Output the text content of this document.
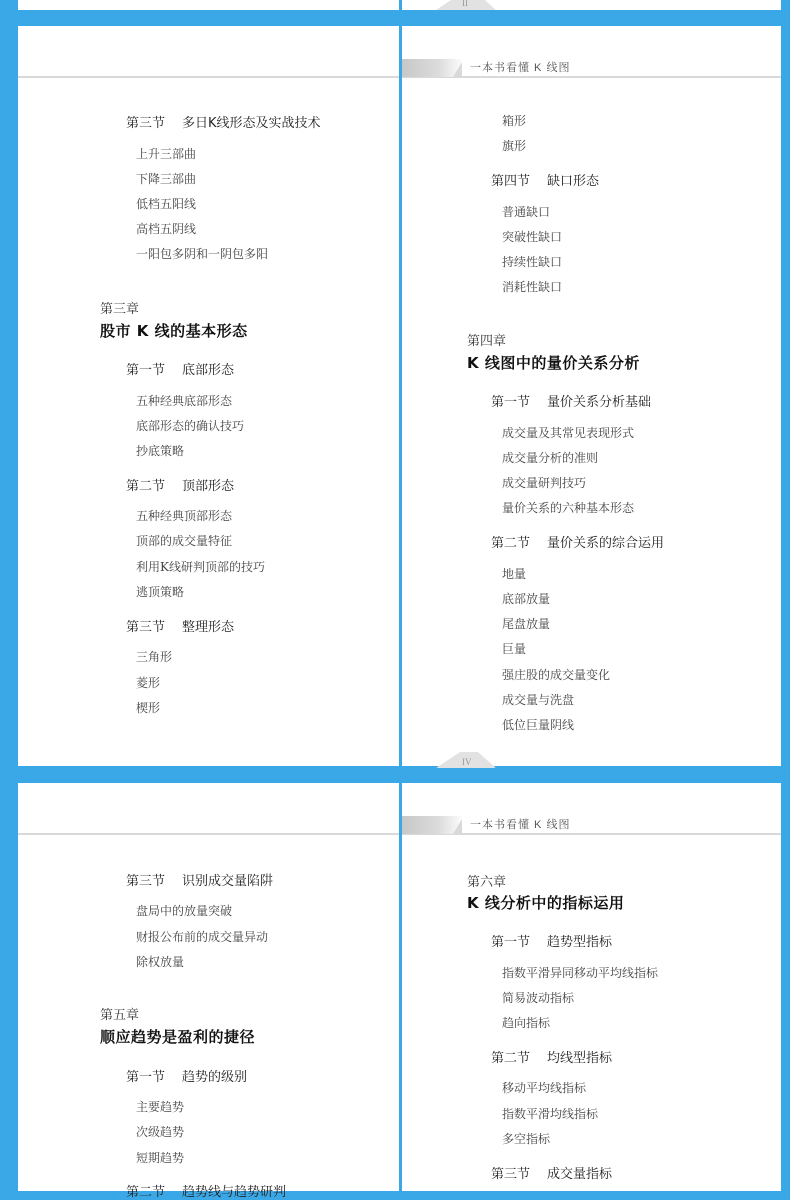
II
第三节 多日K线形态及实战技术
上升三部曲
下降三部曲
低档五阳线
高档五阴线
一阳包多阴和一阴包多阳
第三章
股市 K 线的基本形态
第一节 底部形态
五种经典底部形态
底部形态的确认技巧
抄底策略
第二节 顶部形态
五种经典顶部形态
顶部的成交量特征
利用K线研判顶部的技巧
逃顶策略
第三节 整理形态
三角形
菱形
楔形
一本书看懂 K 线图
箱形
旗形
第四节 缺口形态
普通缺口
突破性缺口
持续性缺口
消耗性缺口
第四章
K 线图中的量价关系分析
第一节 量价关系分析基础
成交量及其常见表现形式
成交量分析的准则
成交量研判技巧
量价关系的六种基本形态
第二节 量价关系的综合运用
地量
底部放量
尾盘放量
巨量
强庄股的成交量变化
成交量与洗盘
低位巨量阴线
IV
第三节 识别成交量陷阱
盘局中的放量突破
财报公布前的成交量异动
除权放量
第五章
顺应趋势是盈利的捷径
第一节 趋势的级别
主要趋势
次级趋势
短期趋势
第二节 趋势线与趋势研判
一本书看懂 K 线图
第六章
K 线分析中的指标运用
第一节 趋势型指标
指数平滑异同移动平均线指标
简易波动指标
趋向指标
第二节 均线型指标
移动平均线指标
指数平滑均线指标
多空指标
第三节 成交量指标
